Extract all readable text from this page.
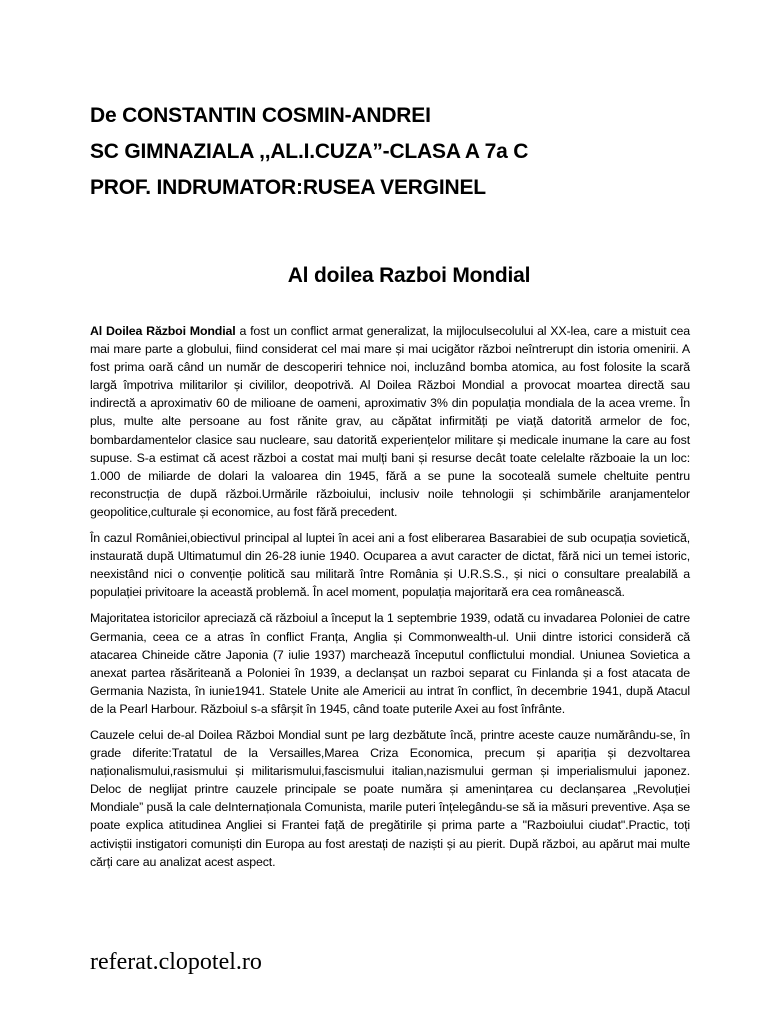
De CONSTANTIN COSMIN-ANDREI
SC GIMNAZIALA ,,AL.I.CUZA”-CLASA A 7a C
PROF. INDRUMATOR:RUSEA VERGINEL
Al doilea Razboi Mondial

Al Doilea Război Mondial a fost un conflict armat generalizat, la mijloculsecolului al XX-lea, care a mistuit cea mai mare parte a globului, fiind considerat cel mai mare și mai ucigător război neîntrerupt din istoria omenirii. A fost prima oară când un număr de descoperiri tehnice noi, incluzând bomba atomica, au fost folosite la scară largă împotriva militarilor și civililor, deopotrivă. Al Doilea Război Mondial a provocat moartea directă sau indirectă a aproximativ 60 de milioane de oameni, aproximativ 3% din populația mondiala de la acea vreme. În plus, multe alte persoane au fost rănite grav, au căpătat infirmități pe viață datorită armelor de foc, bombardamentelor clasice sau nucleare, sau datorită experiențelor militare și medicale inumane la care au fost supuse. S-a estimat că acest război a costat mai mulți bani și resurse decât toate celelalte războaie la un loc: 1.000 de miliarde de dolari la valoarea din 1945, fără a se pune la socoteală sumele cheltuite pentru reconstrucția de după război.Urmările războiului, inclusiv noile tehnologii și schimbările aranjamentelor geopolitice,culturale și economice, au fost fără precedent.

În cazul României,obiectivul principal al luptei în acei ani a fost eliberarea Basarabiei de sub ocupația sovietică, instaurată după Ultimatumul din 26-28 iunie 1940. Ocuparea a avut caracter de dictat, fără nici un temei istoric, neexistând nici o convenție politică sau militară între România și U.R.S.S., și nici o consultare prealabilă a populației privitoare la această problemă. În acel moment, populația majoritară era cea românească.

Majoritatea istoricilor apreciază că războiul a început la 1 septembrie 1939, odată cu invadarea Poloniei de catre Germania, ceea ce a atras în conflict Franța, Anglia și Commonwealth-ul. Unii dintre istorici consideră că atacarea Chineide către Japonia (7 iulie 1937) marchează începutul conflictului mondial. Uniunea Sovietica a anexat partea răsăriteană a Poloniei în 1939, a declanșat un razboi separat cu Finlanda și a fost atacata de Germania Nazista, în iunie1941. Statele Unite ale Americii au intrat în conflict, în decembrie 1941, după Atacul de la Pearl Harbour. Războiul s-a sfârșit în 1945, când toate puterile Axei au fost înfrânte.

Cauzele celui de-al Doilea Război Mondial sunt pe larg dezbătute încă, printre aceste cauze numărându-se, în grade diferite:Tratatul de la Versailles,Marea Criza Economica, precum și apariția și dezvoltarea naționalismului,rasismului și militarismului,fascismului italian,nazismului german și imperialismului japonez. Deloc de neglijat printre cauzele principale se poate număra și amenințarea cu declanșarea „Revoluției Mondiale” pusă la cale deInternaționala Comunista, marile puteri înțelegându-se să ia măsuri preventive. Așa se poate explica atitudinea Angliei si Frantei față de pregătirile și prima parte a "Razboiului ciudat".Practic, toți activiștii instigatori comuniști din Europa au fost arestați de naziști și au pierit. După război, au apărut mai multe cărți care au analizat acest aspect.

referat.clopotel.ro
